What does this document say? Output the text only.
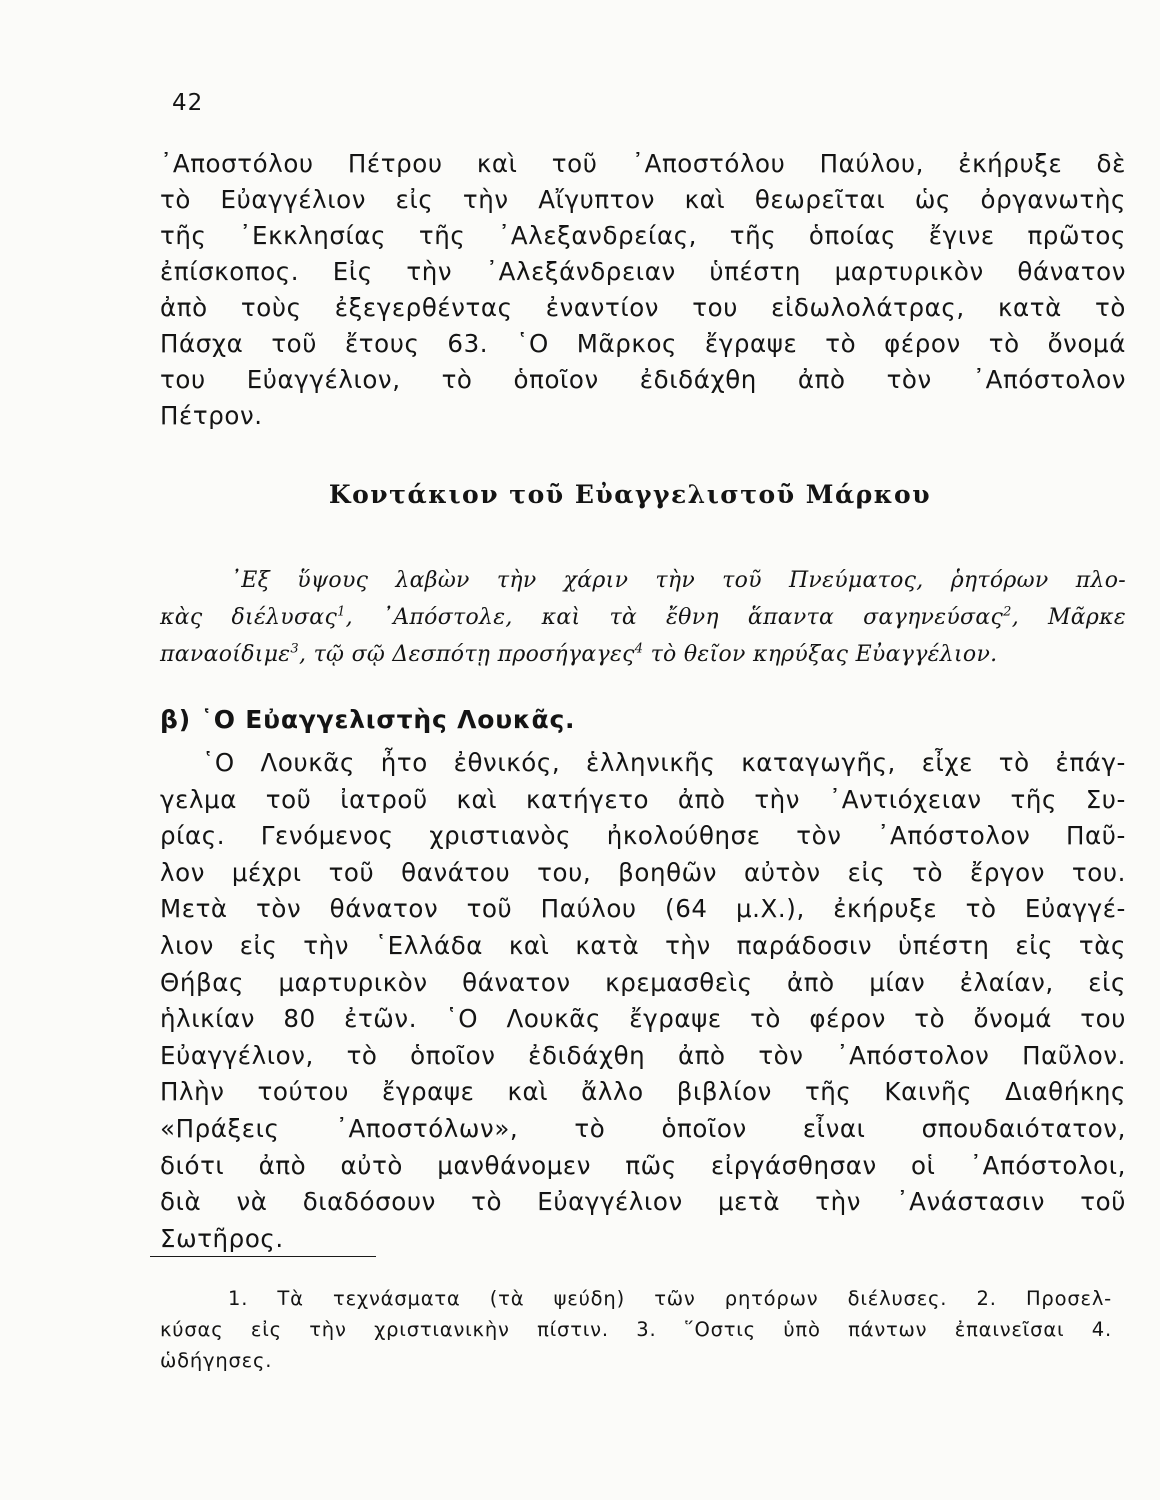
42
᾿Αποστόλου Πέτρου καὶ τοῦ ᾿Αποστόλου Παύλου, ἐκήρυξε δὲ
τὸ Εὐαγγέλιον εἰς τὴν Αἴγυπτον καὶ θεωρεῖται ὡς ὀργανωτὴς
τῆς ᾿Εκκλησίας τῆς ᾿Αλεξανδρείας, τῆς ὁποίας ἔγινε πρῶτος
ἐπίσκοπος. Εἰς τὴν ᾿Αλεξάνδρειαν ὑπέστη μαρτυρικὸν θάνατον
ἀπὸ τοὺς ἐξεγερθέντας ἐναντίον του εἰδωλολάτρας, κατὰ τὸ
Πάσχα τοῦ ἔτους 63. ῾Ο Μᾶρκος ἔγραψε τὸ φέρον τὸ ὄνομά
του Εὐαγγέλιον, τὸ ὁποῖον ἐδιδάχθη ἀπὸ τὸν ᾿Απόστολον
Πέτρον.
Κοντάκιον τοῦ Εὐαγγελιστοῦ Μάρκου
᾿Εξ ὕψους λαβὼν τὴν χάριν τὴν τοῦ Πνεύματος, ῥητόρων πλο-
κὰς διέλυσας$^1$, ᾿Απόστολε, καὶ τὰ ἔθνη ἅπαντα σαγηνεύσας$^2$, Μᾶρκε
παναοίδιμε$^3$, τῷ σῷ Δεσπότῃ προσήγαγες$^4$ τὸ θεῖον κηρύξας Εὐαγγέλιον.
β) ῾Ο Εὐαγγελιστὴς Λουκᾶς.
῾Ο Λουκᾶς ἦτο ἐθνικός, ἑλληνικῆς καταγωγῆς, εἶχε τὸ ἐπάγ-
γελμα τοῦ ἰατροῦ καὶ κατήγετο ἀπὸ τὴν ᾿Αντιόχειαν τῆς Συ-
ρίας. Γενόμενος χριστιανὸς ἠκολούθησε τὸν ᾿Απόστολον Παῦ-
λον μέχρι τοῦ θανάτου του, βοηθῶν αὐτὸν εἰς τὸ ἔργον του.
Μετὰ τὸν θάνατον τοῦ Παύλου (64 μ.Χ.), ἐκήρυξε τὸ Εὐαγγέ-
λιον εἰς τὴν ῾Ελλάδα καὶ κατὰ τὴν παράδοσιν ὑπέστη εἰς τὰς
Θήβας μαρτυρικὸν θάνατον κρεμασθεὶς ἀπὸ μίαν ἐλαίαν, εἰς
ἡλικίαν 80 ἐτῶν. ῾Ο Λουκᾶς ἔγραψε τὸ φέρον τὸ ὄνομά του
Εὐαγγέλιον, τὸ ὁποῖον ἐδιδάχθη ἀπὸ τὸν ᾿Απόστολον Παῦλον.
Πλὴν τούτου ἔγραψε καὶ ἄλλο βιβλίον τῆς Καινῆς Διαθήκης
«Πράξεις ᾿Αποστόλων», τὸ ὁποῖον εἶναι σπουδαιότατον,
διότι ἀπὸ αὐτὸ μανθάνομεν πῶς εἰργάσθησαν οἱ ᾿Απόστολοι,
διὰ νὰ διαδόσουν τὸ Εὐαγγέλιον μετὰ τὴν ᾿Ανάστασιν τοῦ
Σωτῆρος.
1. Τὰ τεχνάσματα (τὰ ψεύδη) τῶν ρητόρων διέλυσες. 2. Προσελ-
κύσας εἰς τὴν χριστιανικὴν πίστιν. 3. ῞Οστις ὑπὸ πάντων ἐπαινεῖσαι 4.
ὡδήγησες.
